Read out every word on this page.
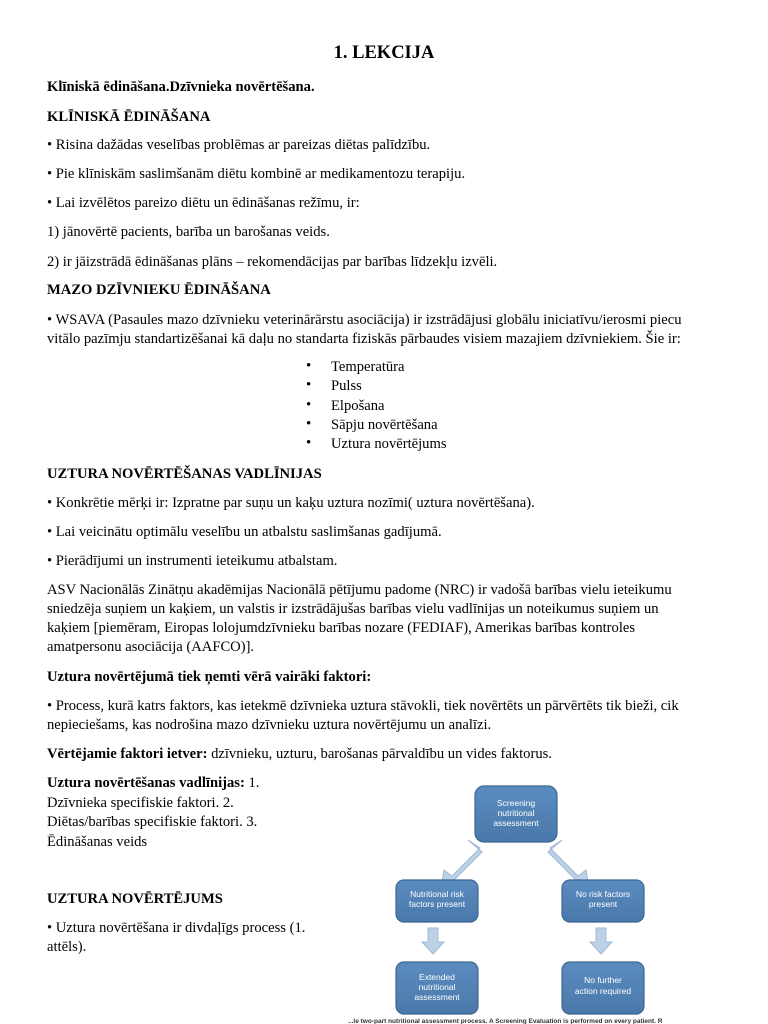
1. LEKCIJA

Klīniskā ēdināšana.Dzīvnieka novērtēšana.

KLĪNISKĀ ĒDINĀŠANA

• Risina dažādas veselības problēmas ar pareizas diētas palīdzību.

• Pie klīniskām saslimšanām diētu kombinē ar medikamentozu terapiju.

• Lai izvēlētos pareizo diētu un ēdināšanas režīmu, ir:

1) jānovērtē pacients, barība un barošanas veids.

2) ir jāizstrādā ēdināšanas plāns – rekomendācijas par barības līdzekļu izvēli.

MAZO DZĪVNIEKU ĒDINĀŠANA

• WSAVA (Pasaules mazo dzīvnieku veterinārārstu asociācija) ir izstrādājusi globālu iniciatīvu/ierosmi piecu

vitālo pazīmju standartizēšanai kā daļu no standarta fiziskās pārbaudes visiem mazajiem dzīvniekiem. Šie ir:

• Temperatūra
• Pulss
• Elpošana
• Sāpju novērtēšana
• Uztura novērtējums
UZTURA NOVĒRTĒŠANAS VADLĪNIJAS

• Konkrētie mērķi ir: Izpratne par suņu un kaķu uztura nozīmi( uztura novērtēšana).

• Lai veicinātu optimālu veselību un atbalstu saslimšanas gadījumā.

• Pierādījumi un instrumenti ieteikumu atbalstam.

ASV Nacionālās Zinātņu akadēmijas Nacionālā pētījumu padome (NRC) ir vadošā barības vielu ieteikumu

sniedzēja suņiem un kaķiem, un valstis ir izstrādājušas barības vielu vadlīnijas un noteikumus suņiem un

kaķiem [piemēram, Eiropas lolojumdzīvnieku barības nozare (FEDIAF), Amerikas barības kontroles

amatpersonu asociācija (AAFCO)].

Uztura novērtējumā tiek ņemti vērā vairāki faktori:

• Process, kurā katrs faktors, kas ietekmē dzīvnieka uztura stāvokli, tiek novērtēts un pārvērtēts tik bieži, cik

nepieciešams, kas nodrošina mazo dzīvnieku uztura novērtējumu un analīzi.

Vērtējamie faktori ietver: dzīvnieku, uzturu, barošanas pārvaldību un vides faktorus.

Uztura novērtēšanas vadlīnijas: 1.
Dzīvnieka specifiskie faktori. 2.
Diētas/barības specifiskie faktori. 3.
Ēdināšanas veids
UZTURA NOVĒRTĒJUMS

• Uztura novērtēšana ir divdaļīgs process (1.

attēls).

Screening
nutritional
assessment
Nutritional risk
factors present
No risk factors
present
Extended
nutritional
assessment
No further
action required
...le two-part nutritional assessment process. A Screening Evaluation is performed on every patient. R
